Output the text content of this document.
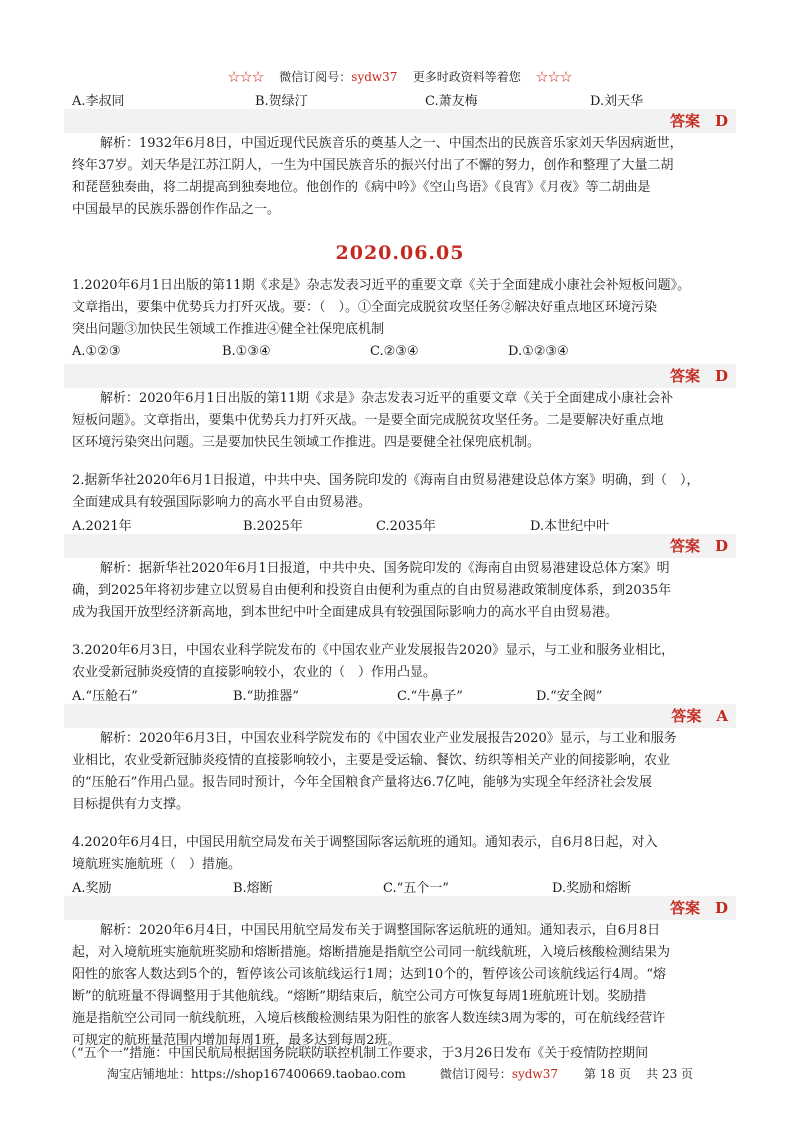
☆☆☆ 微信订阅号：sydw37 更多时政资料等着您 ☆☆☆
A.李叔同	B.贺绿汀	C.萧友梅	D.刘天华
答案　D
解析：1932年6月8日，中国近现代民族音乐的奠基人之一、中国杰出的民族音乐家刘天华因病逝世，
终年37岁。刘天华是江苏江阴人，一生为中国民族音乐的振兴付出了不懈的努力，创作和整理了大量二胡
和琵琶独奏曲，将二胡提高到独奏地位。他创作的《病中吟》《空山鸟语》《良宵》《月夜》等二胡曲是
中国最早的民族乐器创作作品之一。
2020.06.05
1.2020年6月1日出版的第11期《求是》杂志发表习近平的重要文章《关于全面建成小康社会补短板问题》。
文章指出，要集中优势兵力打歼灭战。要：（　）。①全面完成脱贫攻坚任务②解决好重点地区环境污染
突出问题③加快民生领域工作推进④健全社保兜底机制
A.①②③	B.①③④	C.②③④	D.①②③④
答案　D
解析：2020年6月1日出版的第11期《求是》杂志发表习近平的重要文章《关于全面建成小康社会补
短板问题》。文章指出，要集中优势兵力打歼灭战。一是要全面完成脱贫攻坚任务。二是要解决好重点地
区环境污染突出问题。三是要加快民生领域工作推进。四是要健全社保兜底机制。
2.据新华社2020年6月1日报道，中共中央、国务院印发的《海南自由贸易港建设总体方案》明确，到（　），
全面建成具有较强国际影响力的高水平自由贸易港。
A.2021年	B.2025年	C.2035年	D.本世纪中叶
答案　D
解析：据新华社2020年6月1日报道，中共中央、国务院印发的《海南自由贸易港建设总体方案》明
确，到2025年将初步建立以贸易自由便利和投资自由便利为重点的自由贸易港政策制度体系，到2035年
成为我国开放型经济新高地，到本世纪中叶全面建成具有较强国际影响力的高水平自由贸易港。
3.2020年6月3日，中国农业科学院发布的《中国农业产业发展报告2020》显示，与工业和服务业相比，
农业受新冠肺炎疫情的直接影响较小，农业的（　）作用凸显。
A.“压舱石”	B.“助推器”	C.“牛鼻子”	D.“安全阀”
答案　A
解析：2020年6月3日，中国农业科学院发布的《中国农业产业发展报告2020》显示，与工业和服务
业相比，农业受新冠肺炎疫情的直接影响较小，主要是受运输、餐饮、纺织等相关产业的间接影响，农业
的“压舱石”作用凸显。报告同时预计，今年全国粮食产量将达6.7亿吨，能够为实现全年经济社会发展
目标提供有力支撑。
4.2020年6月4日，中国民用航空局发布关于调整国际客运航班的通知。通知表示，自6月8日起，对入
境航班实施航班（　）措施。
A.奖励	B.熔断	C.“五个一”	D.奖励和熔断
答案　D
解析：2020年6月4日，中国民用航空局发布关于调整国际客运航班的通知。通知表示，自6月8日
起，对入境航班实施航班奖励和熔断措施。熔断措施是指航空公司同一航线航班，入境后核酸检测结果为
阳性的旅客人数达到5个的，暂停该公司该航线运行1周；达到10个的，暂停该公司该航线运行4周。“熔
断”的航班量不得调整用于其他航线。“熔断”期结束后，航空公司方可恢复每周1班航班计划。奖励措
施是指航空公司同一航线航班，入境后核酸检测结果为阳性的旅客人数连续3周为零的，可在航线经营许
可规定的航班量范围内增加每周1班，最多达到每周2班。
（“五个一”措施：中国民航局根据国务院联防联控机制工作要求，于3月26日发布《关于疫情防控期间
淘宝店铺地址：https://shop167400669.taobao.com	微信订阅号：sydw37 第 18 页 共 23 页
